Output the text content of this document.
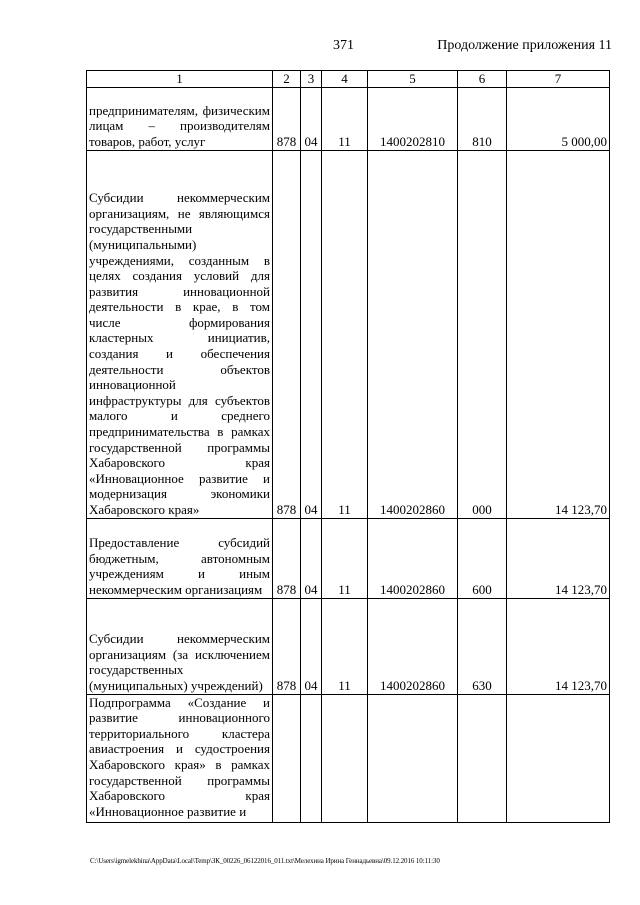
371	Продолжение приложения 11
1	2	3	4	5	6	7
предпринимателям, физическим лицам – производителям товаров, работ, услуг	878	04	11	1400202810	810	5 000,00
Субсидии некоммерческим организациям, не являющимся государственными (муниципальными) учреждениями, созданным в целях создания условий для развития инновационной деятельности в крае, в том числе формирования кластерных инициатив, создания и обеспечения деятельности объектов инновационной инфраструктуры для субъектов малого и среднего предпринимательства в рамках государственной программы Хабаровского края «Инновационное развитие и модернизация экономики Хабаровского края»	878	04	11	1400202860	000	14 123,70
Предоставление субсидий бюджетным, автономным учреждениям и иным некоммерческим организациям	878	04	11	1400202860	600	14 123,70
Субсидии некоммерческим организациям (за исключением государственных (муниципальных) учреждений)	878	04	11	1400202860	630	14 123,70
Подпрограмма «Создание и развитие инновационного территориального кластера авиастроения и судостроения Хабаровского края» в рамках государственной программы Хабаровского края «Инновационное развитие и						
C:\Users\igmelekhina\AppData\Local\Temp\ЗК_00226_06122016_011.txt\Мелехина Ирина Геннадьевна\09.12.2016 10:11:30
